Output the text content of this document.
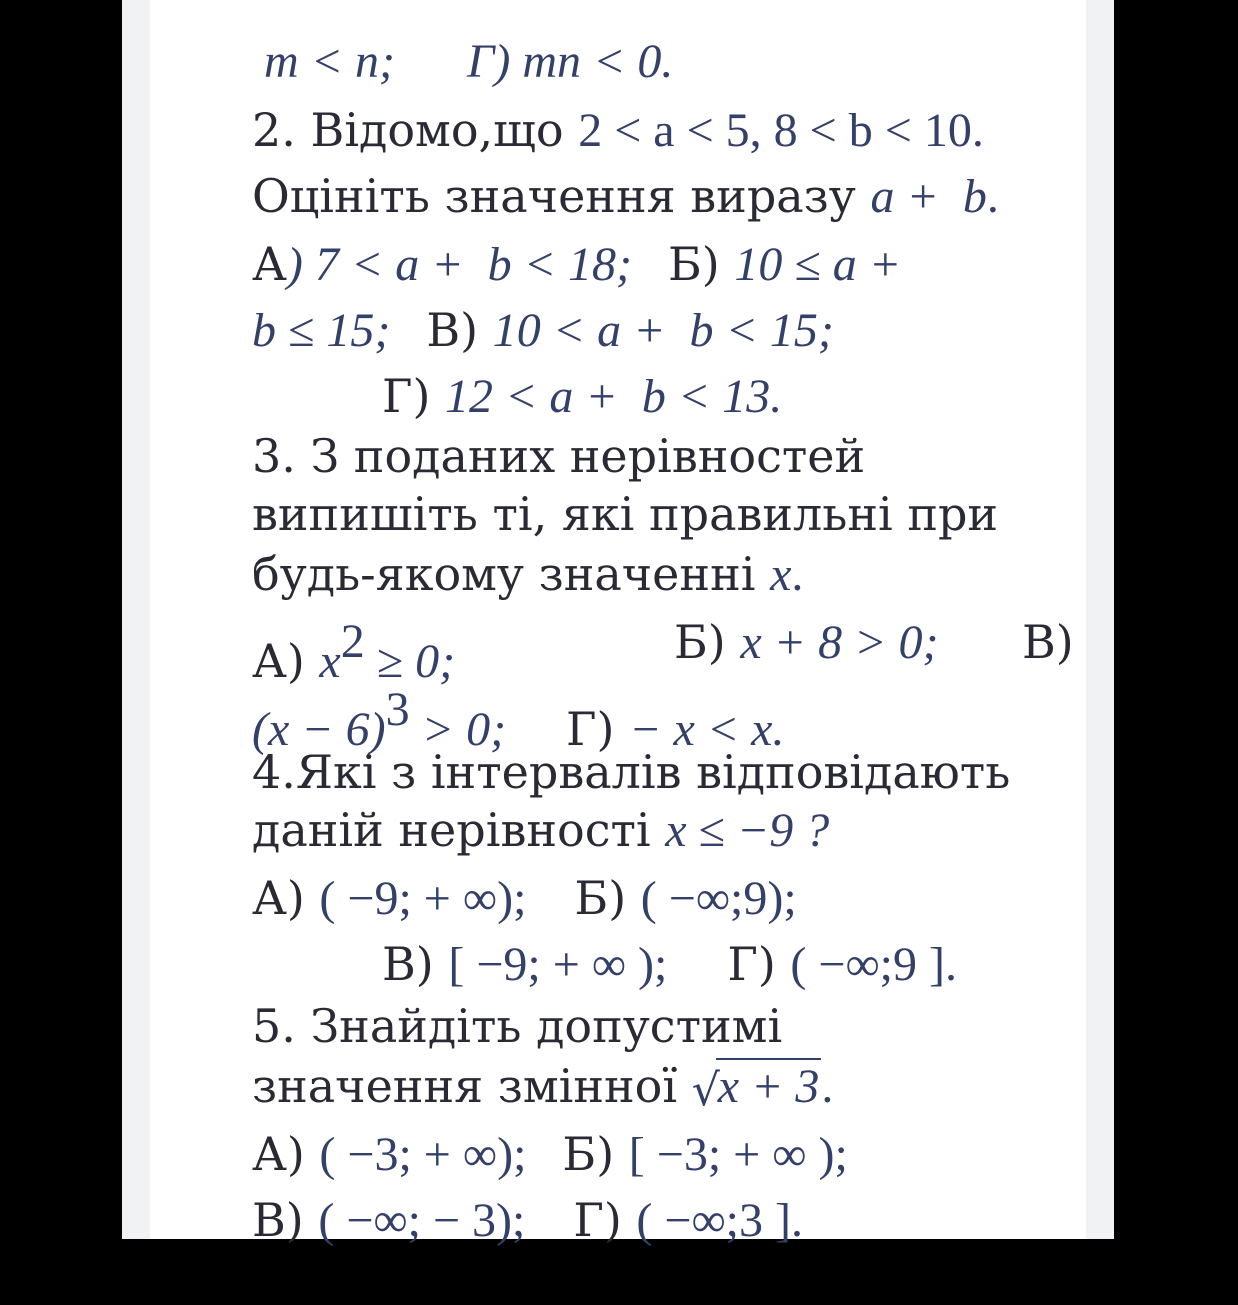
m < n; Г) mn < 0.

2. Відомо,що 2 < a < 5, 8 < b < 10.

Оцініть значення виразу a +  b.

А) 7 < a +  b < 18; Б) 10 ≤ a +

b ≤ 15; В) 10 < a +  b < 15;

Г) 12 < a +  b < 13.

3. З поданих нерівностей

випишіть ті, які правильні при

будь-якому значенні x.

А) $x^2 \ge 0$;
	Б) x + 8 > 0;
	В)

$(x - 6)^3 > 0$; Г) − x < x.

4.Які з інтервалів відповідають

даній нерівності x ≤ −9 ?

А) ( −9; + ∞); Б) ( −∞;9);

В) [ −9; + ∞ ); Г) ( −∞;9 ].

5. Знайдіть допустимі

значення змінної √
x + 3.

А) ( −3; + ∞); Б) [ −3; + ∞ );

В) ( −∞; − 3); Г) ( −∞;3 ].
